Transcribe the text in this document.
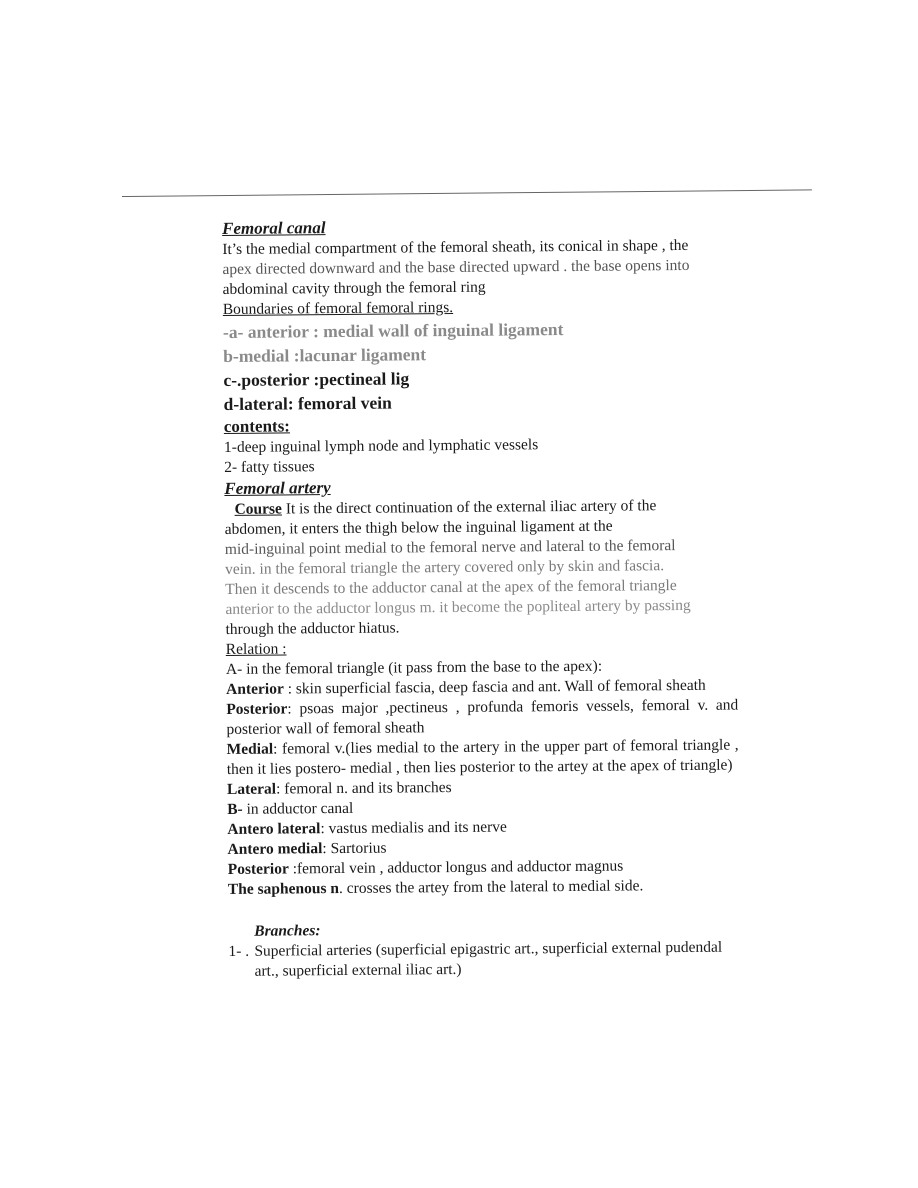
Femoral canal
It’s the medial compartment of the femoral sheath, its conical in shape , the
apex directed downward and the base directed upward . the base opens into
abdominal cavity through the femoral ring
Boundaries of femoral femoral rings.
-a- anterior : medial wall of inguinal ligament
b-medial :lacunar ligament
c-.posterior :pectineal lig
d-lateral: femoral vein
contents:
1-deep inguinal lymph node and lymphatic vessels
2- fatty tissues
Femoral artery
Course It is the direct continuation of the external iliac artery of the
abdomen, it enters the thigh below the inguinal ligament at the
mid-inguinal point medial to the femoral nerve and lateral to the femoral
vein. in the femoral triangle the artery covered only by skin and fascia.
Then it descends to the adductor canal at the apex of the femoral triangle
anterior to the adductor longus m. it become the popliteal artery by passing
through the adductor hiatus.
Relation :
A- in the femoral triangle (it pass from the base to the apex):
Anterior : skin superficial fascia, deep fascia and ant. Wall of femoral sheath
Posterior: psoas major ,pectineus , profunda femoris vessels, femoral v. and posterior wall of femoral sheath
Medial: femoral v.(lies medial to the artery in the upper part of femoral triangle , then it lies postero- medial , then lies posterior to the artey at the apex of triangle)
Lateral: femoral n. and its branches
B- in adductor canal
Antero lateral: vastus medialis and its nerve
Antero medial: Sartorius
Posterior :femoral vein , adductor longus and adductor magnus
The saphenous n. crosses the artey from the lateral to medial side.
Branches:
1- . Superficial arteries (superficial epigastric art., superficial external pudendal art., superficial external iliac art.)
